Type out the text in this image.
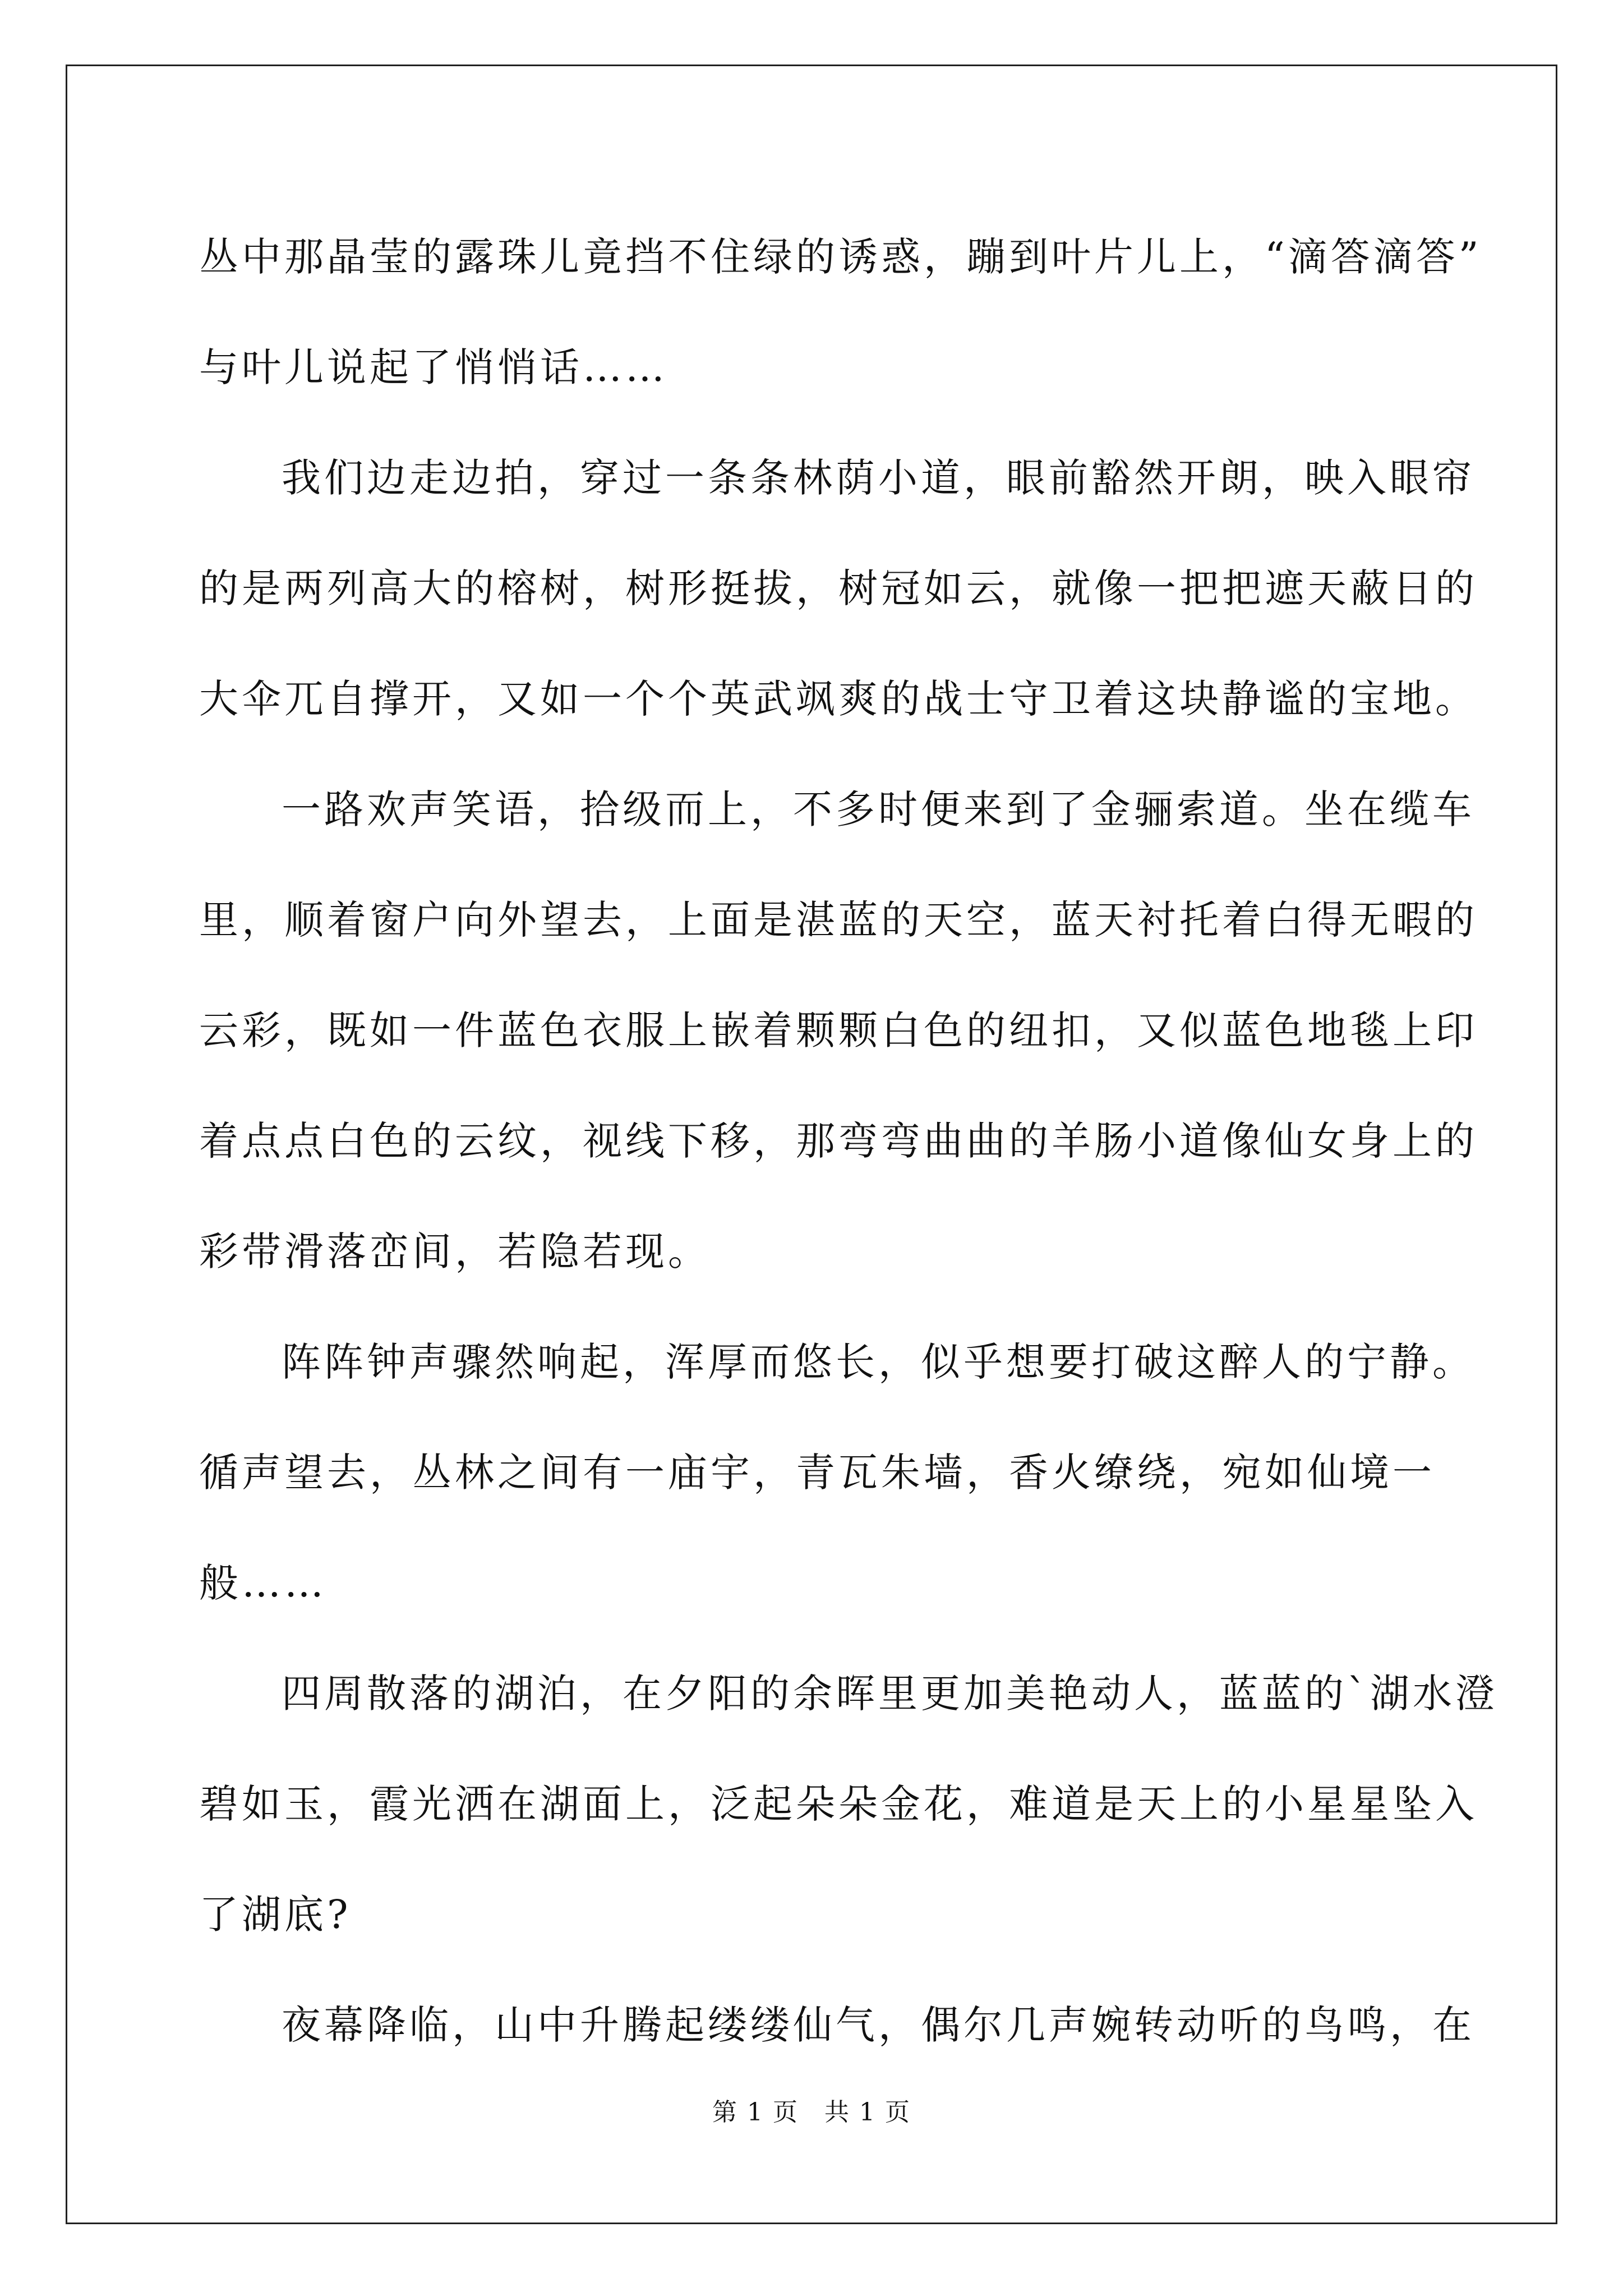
丛中那晶莹的露珠儿竟挡不住绿的诱惑，蹦到叶片儿上，“滴答滴答”
与叶儿说起了悄悄话……
我们边走边拍，穿过一条条林荫小道，眼前豁然开朗，映入眼帘
的是两列高大的榕树，树形挺拔，树冠如云，就像一把把遮天蔽日的
大伞兀自撑开，又如一个个英武飒爽的战士守卫着这块静谧的宝地。
一路欢声笑语，拾级而上，不多时便来到了金骊索道。坐在缆车
里，顺着窗户向外望去，上面是湛蓝的天空，蓝天衬托着白得无暇的
云彩，既如一件蓝色衣服上嵌着颗颗白色的纽扣，又似蓝色地毯上印
着点点白色的云纹，视线下移，那弯弯曲曲的羊肠小道像仙女身上的
彩带滑落峦间，若隐若现。
阵阵钟声骤然响起，浑厚而悠长，似乎想要打破这醉人的宁静。
循声望去，丛林之间有一庙宇，青瓦朱墙，香火缭绕，宛如仙境一
般……
四周散落的湖泊，在夕阳的余晖里更加美艳动人，蓝蓝的`湖水澄
碧如玉，霞光洒在湖面上，泛起朵朵金花，难道是天上的小星星坠入
了湖底?
夜幕降临，山中升腾起缕缕仙气，偶尔几声婉转动听的鸟鸣，在
第 1 页　共 1 页
